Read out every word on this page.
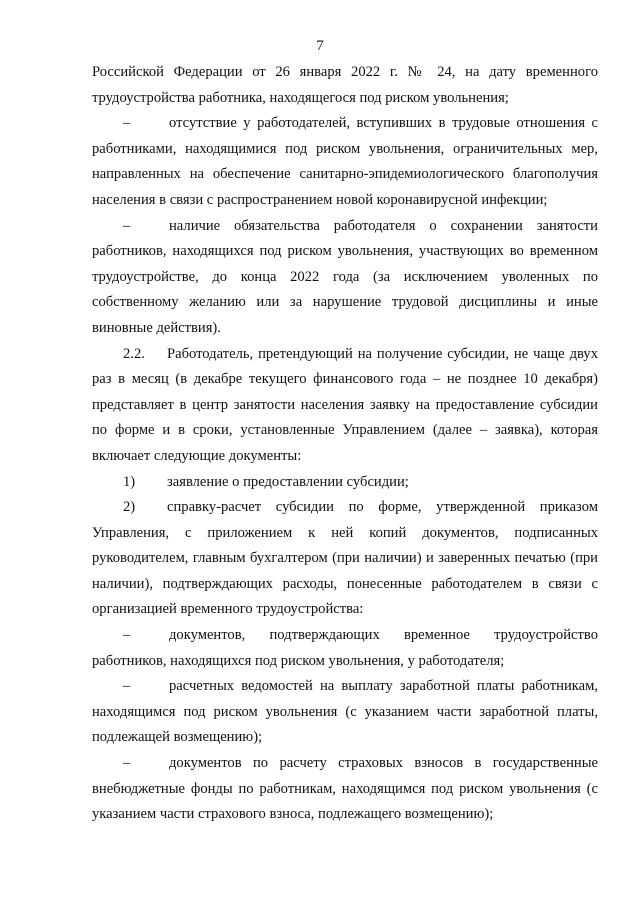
7

Российской Федерации от 26 января 2022 г. № 24, на дату временного трудоустройства работника, находящегося под риском увольнения;

–	отсутствие у работодателей, вступивших в трудовые отношения с работниками, находящимися под риском увольнения, ограничительных мер, направленных на обеспечение санитарно-эпидемиологического благополучия населения в связи с распространением новой коронавирусной инфекции;

–	наличие обязательства работодателя о сохранении занятости работников, находящихся под риском увольнения, участвующих во временном трудоустройстве, до конца 2022 года (за исключением уволенных по собственному желанию или за нарушение трудовой дисциплины и иные виновные действия).

2.2. Работодатель, претендующий на получение субсидии, не чаще двух раз в месяц (в декабре текущего финансового года – не позднее 10 декабря) представляет в центр занятости населения заявку на предоставление субсидии по форме и в сроки, установленные Управлением (далее – заявка), которая включает следующие документы:

1) заявление о предоставлении субсидии;

2) справку-расчет субсидии по форме, утвержденной приказом Управления, с приложением к ней копий документов, подписанных руководителем, главным бухгалтером (при наличии) и заверенных печатью (при наличии), подтверждающих расходы, понесенные работодателем в связи с организацией временного трудоустройства:

–	документов, подтверждающих временное трудоустройство работников, находящихся под риском увольнения, у работодателя;

–	расчетных ведомостей на выплату заработной платы работникам, находящимся под риском увольнения (с указанием части заработной платы, подлежащей возмещению);

–	документов по расчету страховых взносов в государственные внебюджетные фонды по работникам, находящимся под риском увольнения (с указанием части страхового взноса, подлежащего возмещению);
